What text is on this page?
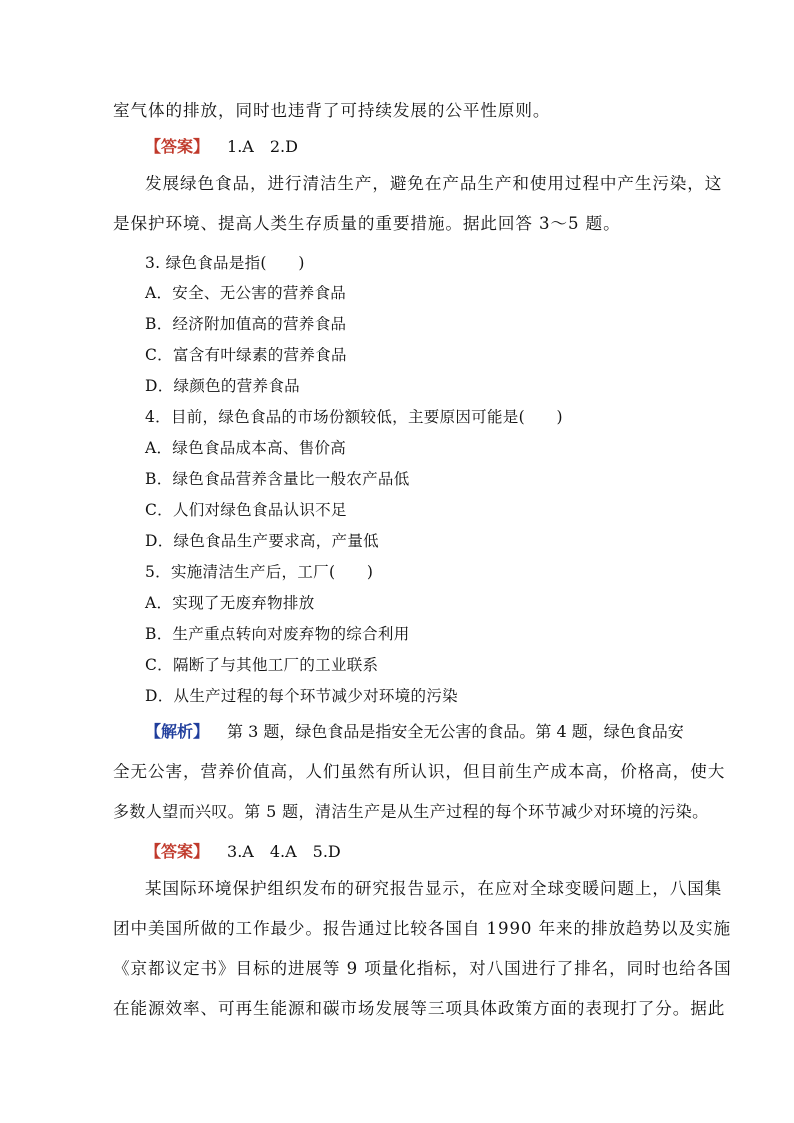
室气体的排放，同时也违背了可持续发展的公平性原则。
【答案】 1.A　2.D
发展绿色食品，进行清洁生产，避免在产品生产和使用过程中产生污染，这
是保护环境、提高人类生存质量的重要措施。据此回答 3～5 题。
3. 绿色食品是指(　　)
A．安全、无公害的营养食品
B．经济附加值高的营养食品
C．富含有叶绿素的营养食品
D．绿颜色的营养食品
4．目前，绿色食品的市场份额较低，主要原因可能是(　　)
A．绿色食品成本高、售价高
B．绿色食品营养含量比一般农产品低
C．人们对绿色食品认识不足
D．绿色食品生产要求高，产量低
5．实施清洁生产后，工厂(　　)
A．实现了无废弃物排放
B．生产重点转向对废弃物的综合利用
C．隔断了与其他工厂的工业联系
D．从生产过程的每个环节减少对环境的污染
【解析】 第 3 题，绿色食品是指安全无公害的食品。第 4 题，绿色食品安
全无公害，营养价值高，人们虽然有所认识，但目前生产成本高，价格高，使大
多数人望而兴叹。第 5 题，清洁生产是从生产过程的每个环节减少对环境的污染。
【答案】 3.A　4.A　5.D
某国际环境保护组织发布的研究报告显示，在应对全球变暖问题上，八国集
团中美国所做的工作最少。报告通过比较各国自 1990 年来的排放趋势以及实施
《京都议定书》目标的进展等 9 项量化指标，对八国进行了排名，同时也给各国
在能源效率、可再生能源和碳市场发展等三项具体政策方面的表现打了分。据此
